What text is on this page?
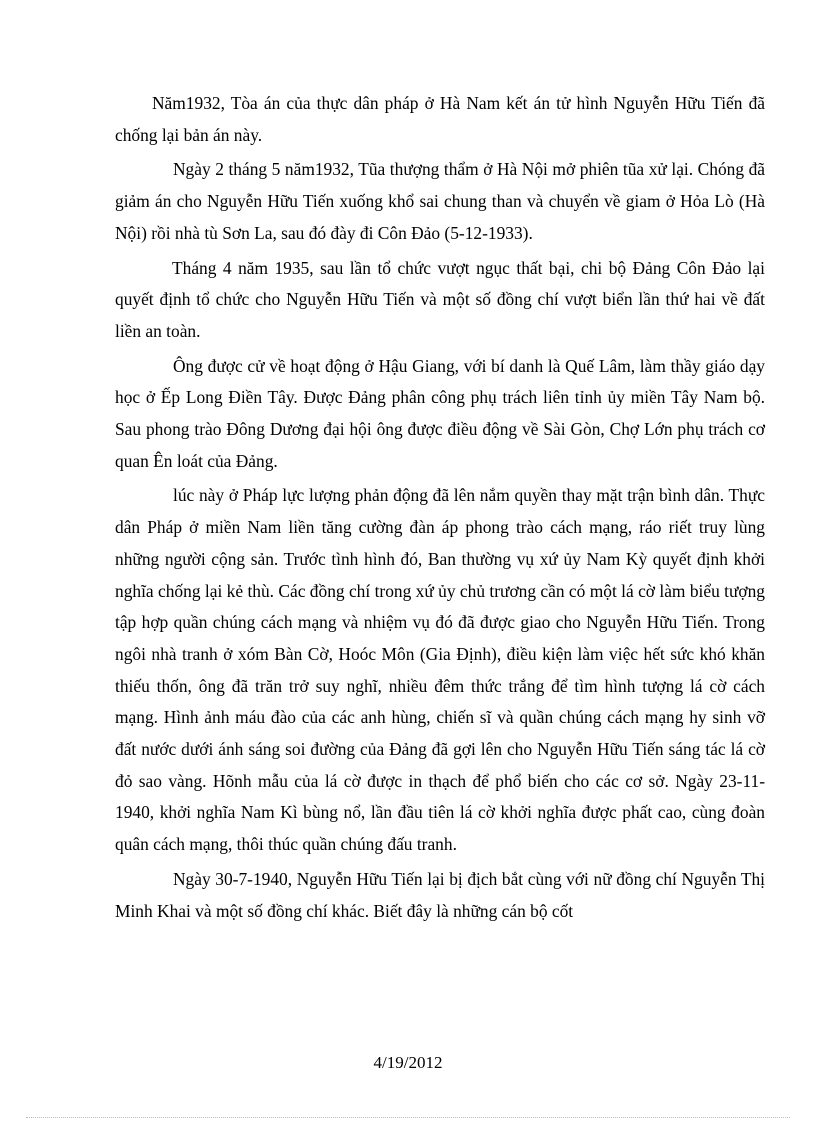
Năm1932, Tòa án của thực dân pháp ở Hà Nam kết án tử hình Nguyễn Hữu Tiến đã chống lại bản án này.

Ngày 2 tháng 5 năm1932, Tũa thượng thẩm ở Hà Nội mở phiên tũa xử lại. Chóng đã giảm án cho Nguyễn Hữu Tiến xuống khổ sai chung than và chuyển về giam ở Hỏa Lò (Hà Nội) rồi nhà tù Sơn La, sau đó đày đi Côn Đảo (5-12-1933).

Tháng 4 năm 1935, sau lần tổ chức vượt ngục thất bại, chi bộ Đảng Côn Đảo lại quyết định tổ chức cho Nguyễn Hữu Tiến và một số đồng chí vượt biển lần thứ hai về đất liền an toàn.

Ông được cử về hoạt động ở Hậu Giang, với bí danh là Quế Lâm, làm thầy giáo dạy học ở Ếp Long Điền Tây. Được Đảng phân công phụ trách liên tỉnh ủy miền Tây Nam bộ. Sau phong trào Đông Dương đại hội ông được điều động về Sài Gòn, Chợ Lớn phụ trách cơ quan Ên loát của Đảng.

lúc này ở Pháp lực lượng phản động đã lên nắm quyền thay mặt trận bình dân. Thực dân Pháp ở miền Nam liền tăng cường đàn áp phong trào cách mạng, ráo riết truy lùng những người cộng sản. Trước tình hình đó, Ban thường vụ xứ ủy Nam Kỳ quyết định khởi nghĩa chống lại kẻ thù. Các đồng chí trong xứ ủy chủ trương cần có một lá cờ làm biểu tượng tập hợp quần chúng cách mạng và nhiệm vụ đó đã được giao cho Nguyễn Hữu Tiến. Trong ngôi nhà tranh ở xóm Bàn Cờ, Hoóc Môn (Gia Định), điều kiện làm việc hết sức khó khăn thiếu thốn, ông đã trăn trở suy nghĩ, nhiều đêm thức trắng để tìm hình tượng lá cờ cách mạng. Hình ảnh máu đào của các anh hùng, chiến sĩ và quần chúng cách mạng hy sinh vỡ đất nước dưới ánh sáng soi đường của Đảng đã gợi lên cho Nguyễn Hữu Tiến sáng tác lá cờ đỏ sao vàng. Hõnh mẫu của lá cờ được in thạch để phổ biến cho các cơ sở. Ngày 23-11-1940, khởi nghĩa Nam Kì bùng nổ, lần đầu tiên lá cờ khởi nghĩa được phất cao, cùng đoàn quân cách mạng, thôi thúc quần chúng đấu tranh.

Ngày 30-7-1940, Nguyễn Hữu Tiến lại bị địch bắt cùng với nữ đồng chí Nguyễn Thị Minh Khai và một số đồng chí khác. Biết đây là những cán bộ cốt

4/19/2012
